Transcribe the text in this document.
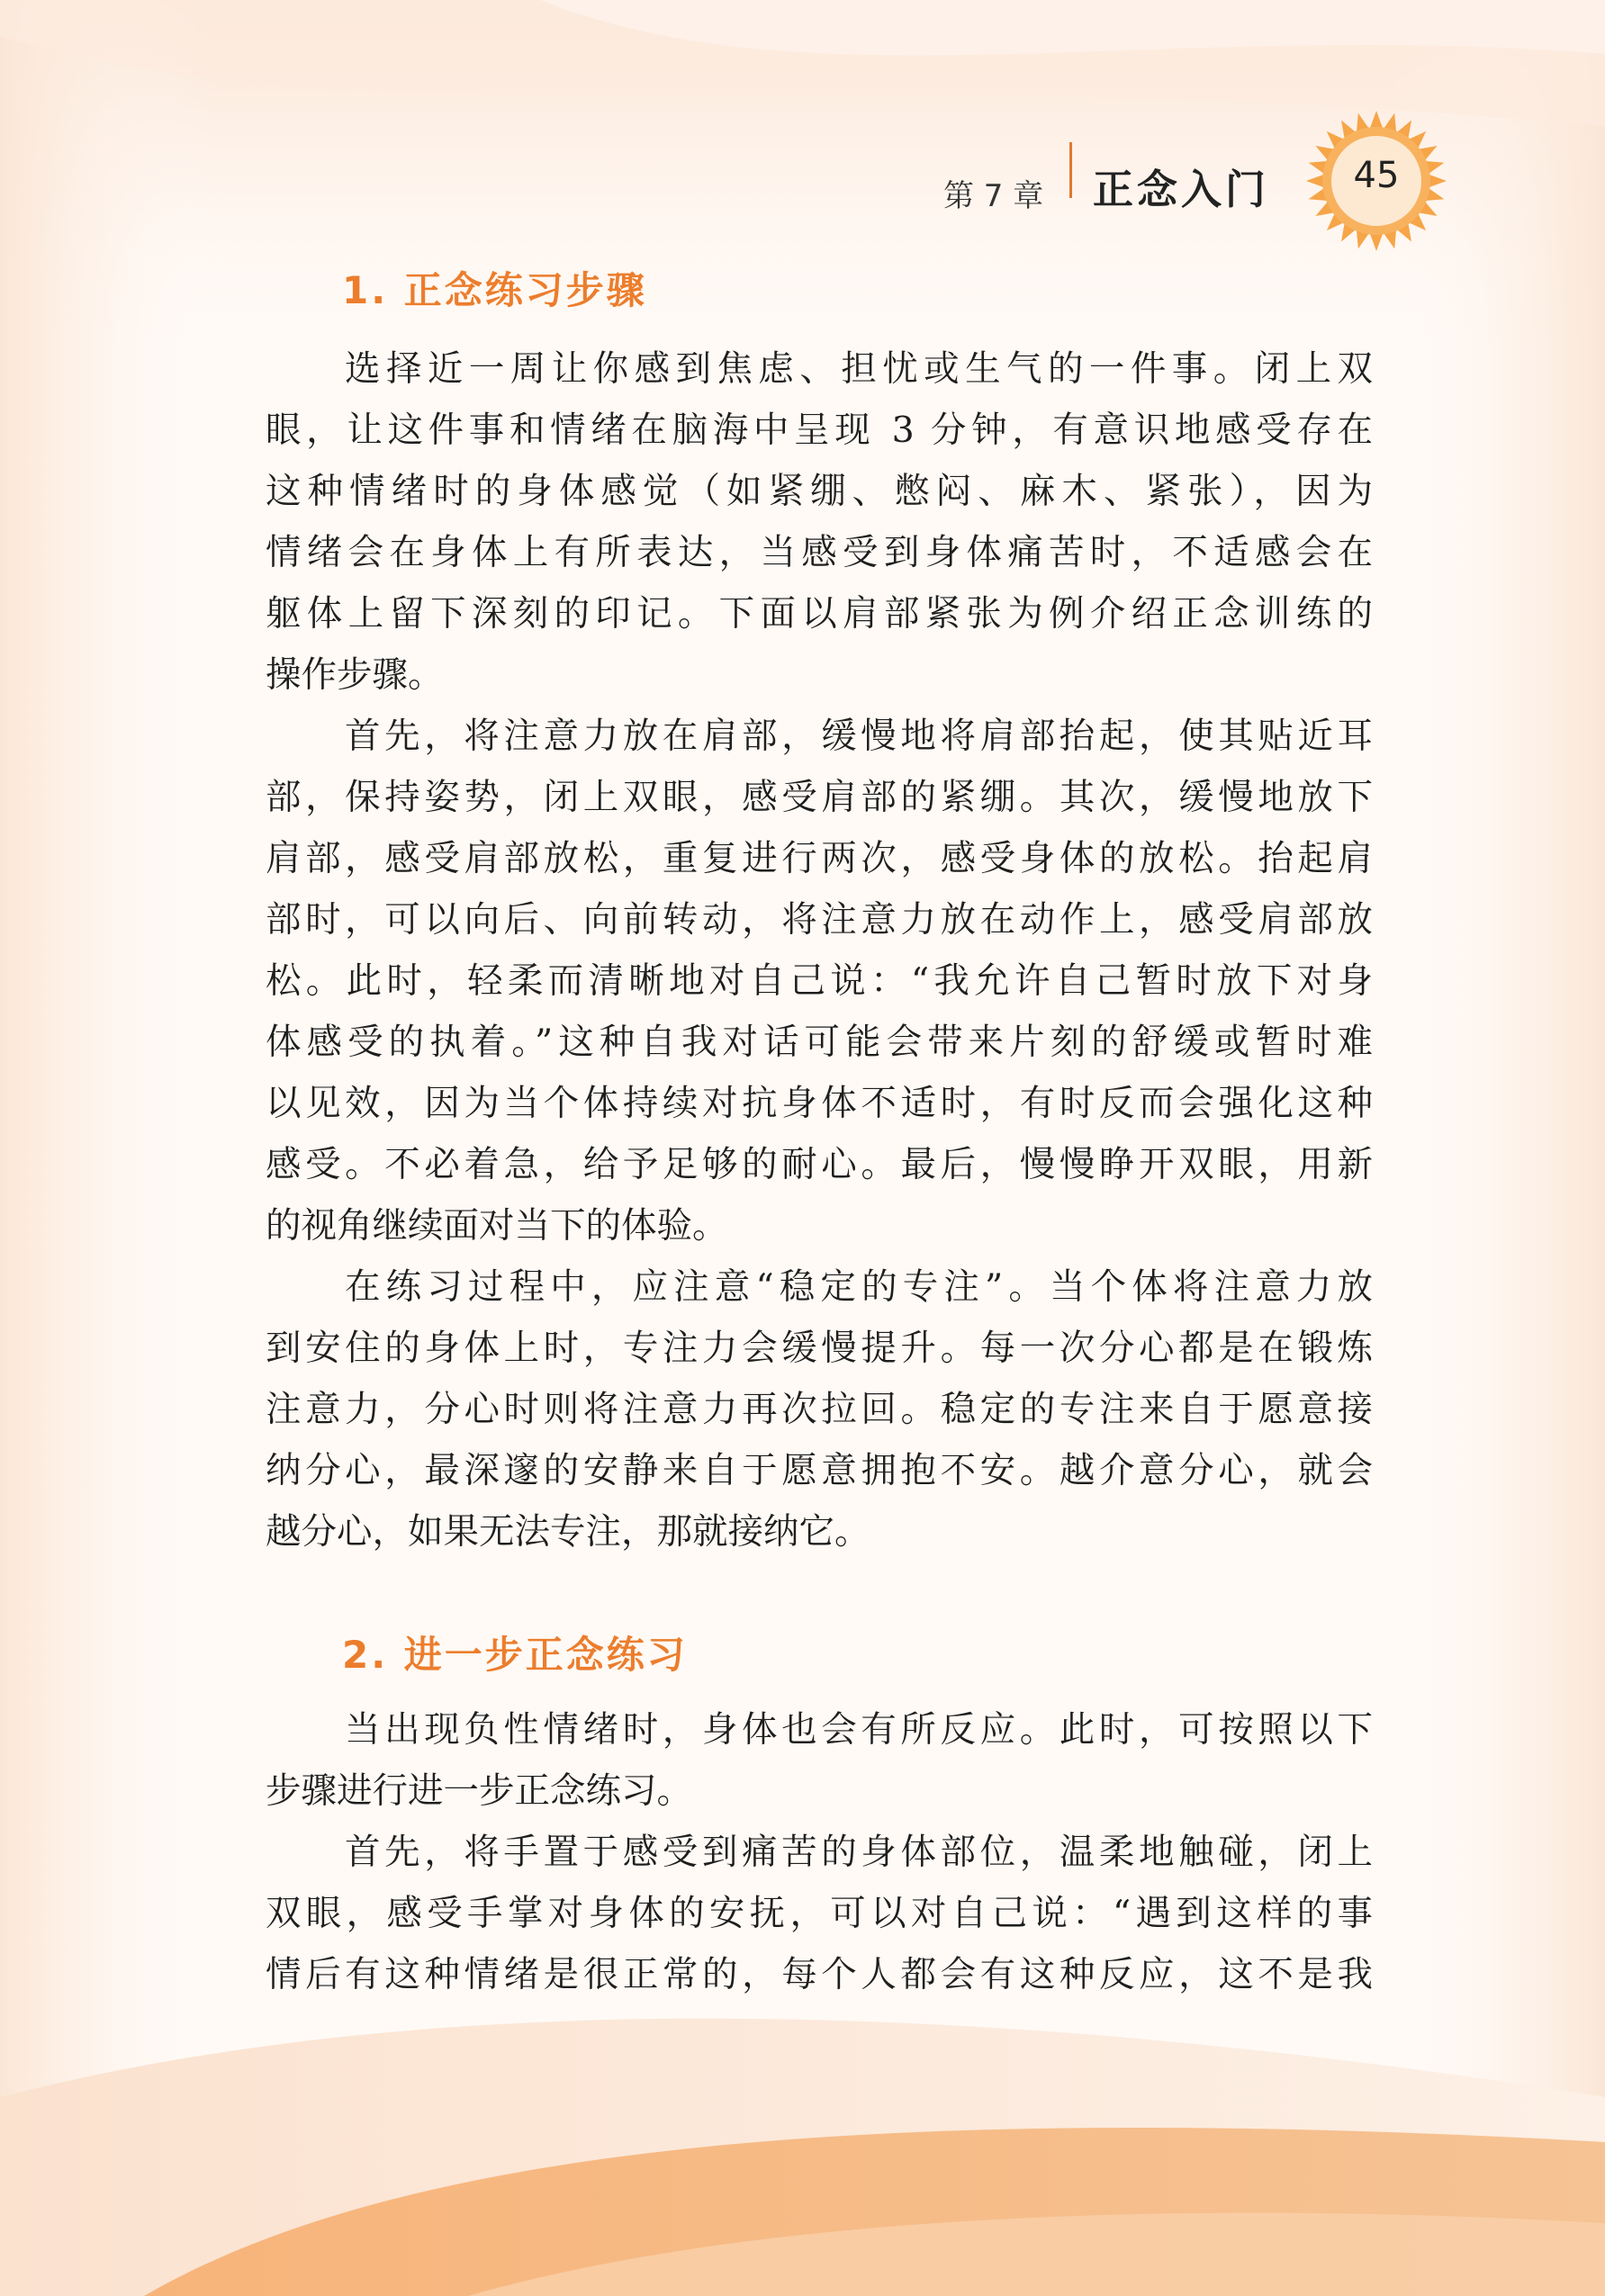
第 7 章 正念入门	45
1. 正念练习步骤
选择近一周让你感到焦虑、担忧或生气的一件事。闭上双
眼，让这件事和情绪在脑海中呈现 3 分钟，有意识地感受存在
这种情绪时的身体感觉（如紧绷、憋闷、麻木、紧张），因为
情绪会在身体上有所表达，当感受到身体痛苦时，不适感会在
躯体上留下深刻的印记。下面以肩部紧张为例介绍正念训练的
操作步骤。
首先，将注意力放在肩部，缓慢地将肩部抬起，使其贴近耳
部，保持姿势，闭上双眼，感受肩部的紧绷。其次，缓慢地放下
肩部，感受肩部放松，重复进行两次，感受身体的放松。抬起肩
部时，可以向后、向前转动，将注意力放在动作上，感受肩部放
松。此时，轻柔而清晰地对自己说：“我允许自己暂时放下对身
体感受的执着。”这种自我对话可能会带来片刻的舒缓或暂时难
以见效，因为当个体持续对抗身体不适时，有时反而会强化这种
感受。不必着急，给予足够的耐心。最后，慢慢睁开双眼，用新
的视角继续面对当下的体验。
在练习过程中，应注意“稳定的专注”。当个体将注意力放
到安住的身体上时，专注力会缓慢提升。每一次分心都是在锻炼
注意力，分心时则将注意力再次拉回。稳定的专注来自于愿意接
纳分心，最深邃的安静来自于愿意拥抱不安。越介意分心，就会
越分心，如果无法专注，那就接纳它。
2. 进一步正念练习
当出现负性情绪时，身体也会有所反应。此时，可按照以下
步骤进行进一步正念练习。
首先，将手置于感受到痛苦的身体部位，温柔地触碰，闭上
双眼，感受手掌对身体的安抚，可以对自己说：“遇到这样的事
情后有这种情绪是很正常的，每个人都会有这种反应，这不是我
